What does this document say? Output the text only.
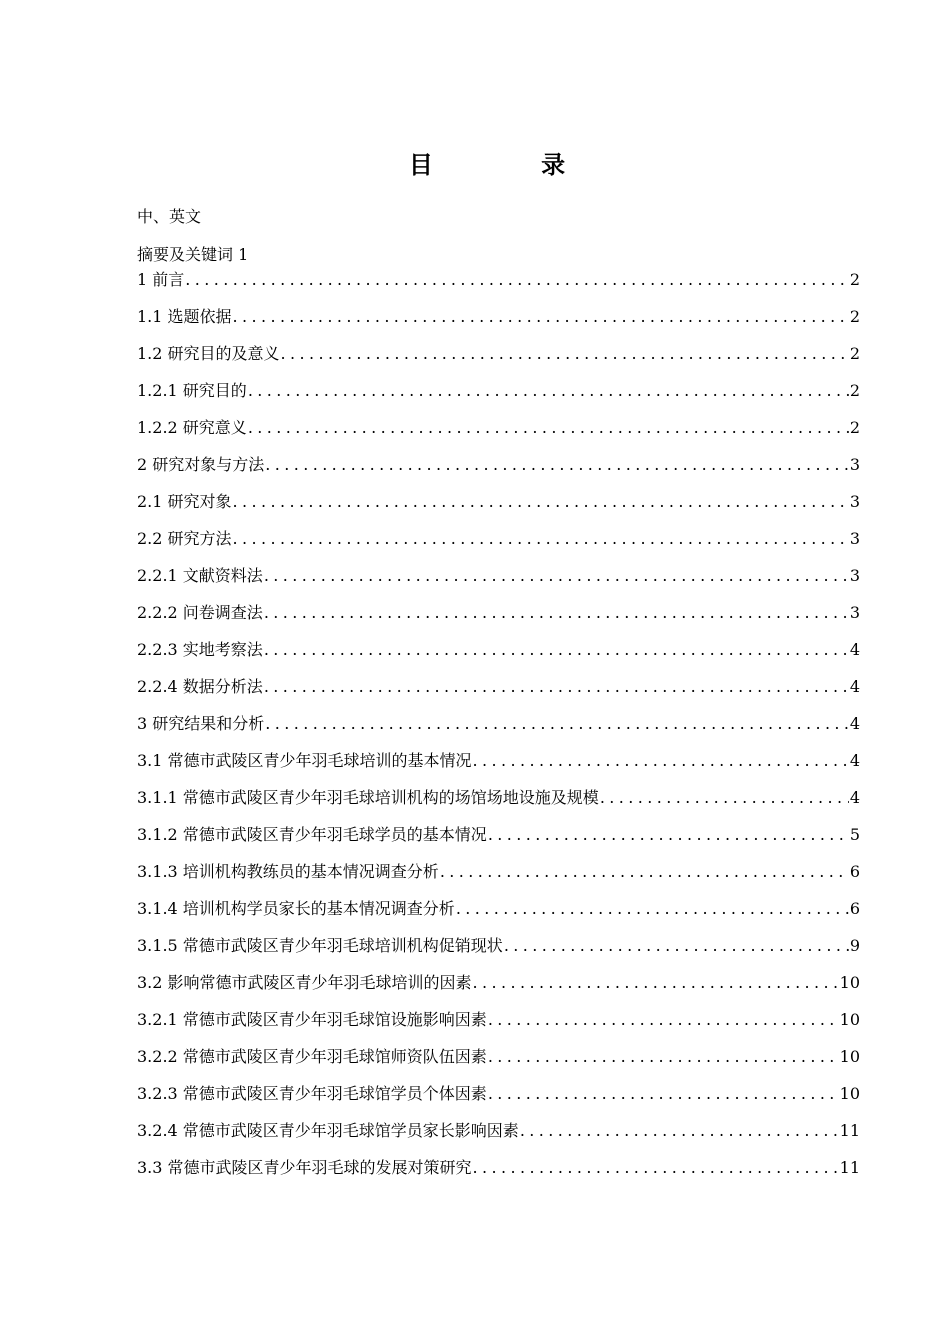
目 录
中、英文
摘要及关键词 1
1 前言 .....	2
1.1 选题依据 .....	2
1.2 研究目的及意义 .....	2
1.2.1 研究目的 .....	2
1.2.2 研究意义 .....	2
2 研究对象与方法 .....	3
2.1 研究对象 .....	3
2.2 研究方法 .....	3
2.2.1 文献资料法 .....	3
2.2.2 问卷调查法 .....	3
2.2.3 实地考察法 .....	4
2.2.4 数据分析法 .....	4
3 研究结果和分析 .....	4
3.1 常德市武陵区青少年羽毛球培训的基本情况 .....	4
3.1.1 常德市武陵区青少年羽毛球培训机构的场馆场地设施及规模 .....	4
3.1.2 常德市武陵区青少年羽毛球学员的基本情况 .....	5
3.1.3 培训机构教练员的基本情况调查分析 .....	6
3.1.4 培训机构学员家长的基本情况调查分析 .....	6
3.1.5 常德市武陵区青少年羽毛球培训机构促销现状 .....	9
3.2 影响常德市武陵区青少年羽毛球培训的因素 .....	10
3.2.1 常德市武陵区青少年羽毛球馆设施影响因素 .....	10
3.2.2 常德市武陵区青少年羽毛球馆师资队伍因素 .....	10
3.2.3 常德市武陵区青少年羽毛球馆学员个体因素 .....	10
3.2.4 常德市武陵区青少年羽毛球馆学员家长影响因素 .....	11
3.3 常德市武陵区青少年羽毛球的发展对策研究 .....	11
